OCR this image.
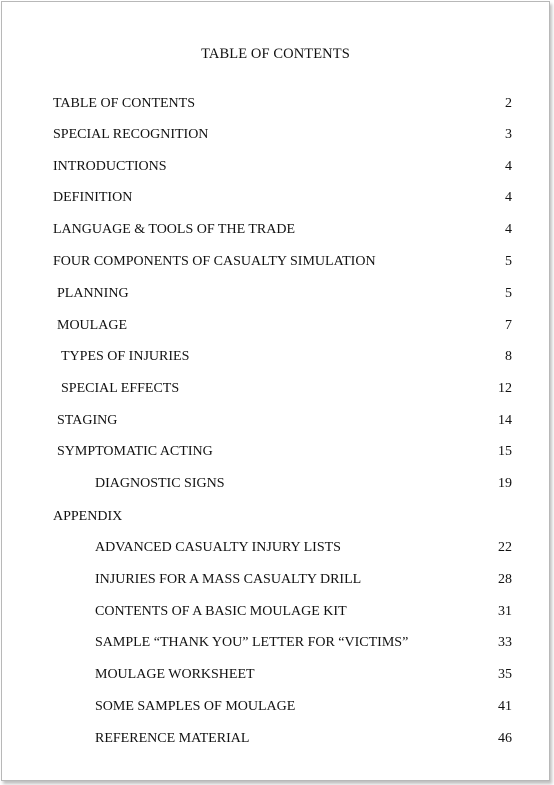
TABLE OF CONTENTS
TABLE OF CONTENTS	2
SPECIAL RECOGNITION	3
INTRODUCTIONS	4
DEFINITION	4
LANGUAGE & TOOLS OF THE TRADE	4
FOUR COMPONENTS OF CASUALTY SIMULATION	5
PLANNING	5
MOULAGE	7
TYPES OF INJURIES	8
SPECIAL EFFECTS	12
STAGING	14
SYMPTOMATIC ACTING	15
DIAGNOSTIC SIGNS	19
APPENDIX
ADVANCED CASUALTY INJURY LISTS	22
INJURIES FOR A MASS CASUALTY DRILL	28
CONTENTS OF A BASIC MOULAGE KIT	31
SAMPLE “THANK YOU” LETTER FOR “VICTIMS”	33
MOULAGE WORKSHEET	35
SOME SAMPLES OF MOULAGE	41
REFERENCE MATERIAL	46
